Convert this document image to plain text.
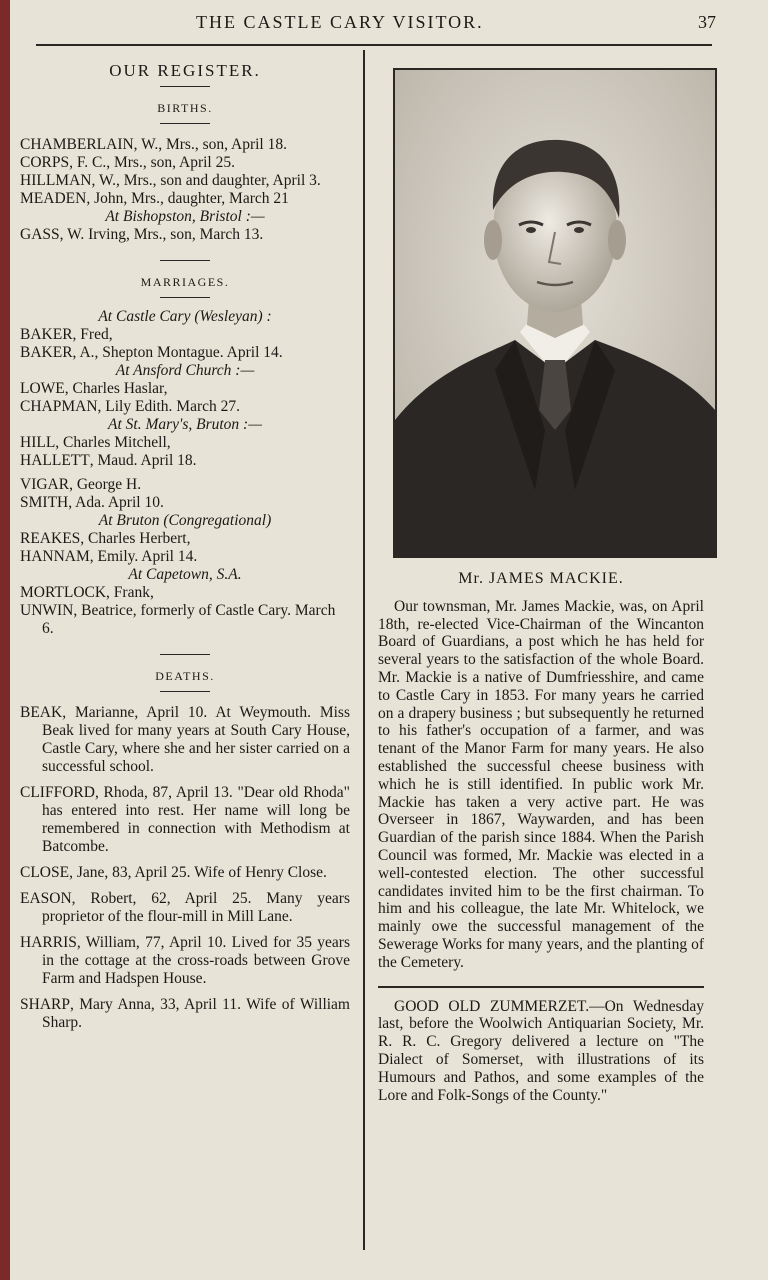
THE CASTLE CARY VISITOR.	37
OUR REGISTER.
BIRTHS.
CHAMBERLAIN, W., Mrs., son, April 18.
CORPS, F. C., Mrs., son, April 25.
HILLMAN, W., Mrs., son and daughter, April 3.
MEADEN, John, Mrs., daughter, March 21
At Bishopston, Bristol :—
GASS, W. Irving, Mrs., son, March 13.
MARRIAGES.
At Castle Cary (Wesleyan) :
BAKER, Fred,
BAKER, A., Shepton Montague. April 14.
At Ansford Church :—
LOWE, Charles Haslar,
CHAPMAN, Lily Edith. March 27.
At St. Mary's, Bruton :—
HILL, Charles Mitchell,
HALLETT, Maud. April 18.
VIGAR, George H.
SMITH, Ada. April 10.
At Bruton (Congregational)
REAKES, Charles Herbert,
HANNAM, Emily. April 14.
At Capetown, S.A.
MORTLOCK, Frank,
UNWIN, Beatrice, formerly of Castle Cary. March 6.
DEATHS.
BEAK, Marianne, April 10. At Weymouth. Miss Beak lived for many years at South Cary House, Castle Cary, where she and her sister carried on a successful school.
CLIFFORD, Rhoda, 87, April 13. "Dear old Rhoda" has entered into rest. Her name will long be remembered in connection with Methodism at Batcombe.
CLOSE, Jane, 83, April 25. Wife of Henry Close.
EASON, Robert, 62, April 25. Many years proprietor of the flour-mill in Mill Lane.
HARRIS, William, 77, April 10. Lived for 35 years in the cottage at the cross-roads between Grove Farm and Hadspen House.
SHARP, Mary Anna, 33, April 11. Wife of William Sharp.
Mr. JAMES MACKIE.
Our townsman, Mr. James Mackie, was, on April 18th, re-elected Vice-Chairman of the Wincanton Board of Guardians, a post which he has held for several years to the satisfaction of the whole Board. Mr. Mackie is a native of Dumfriesshire, and came to Castle Cary in 1853. For many years he carried on a drapery business ; but subsequently he returned to his father's occupation of a farmer, and was tenant of the Manor Farm for many years. He also established the successful cheese business with which he is still identified. In public work Mr. Mackie has taken a very active part. He was Overseer in 1867, Waywarden, and has been Guardian of the parish since 1884. When the Parish Council was formed, Mr. Mackie was elected in a well-contested election. The other successful candidates invited him to be the first chairman. To him and his colleague, the late Mr. Whitelock, we mainly owe the successful management of the Sewerage Works for many years, and the planting of the Cemetery.
GOOD OLD ZUMMERZET.—On Wednesday last, before the Woolwich Antiquarian Society, Mr. R. R. C. Gregory delivered a lecture on "The Dialect of Somerset, with illustrations of its Humours and Pathos, and some examples of the Lore and Folk-Songs of the County."
